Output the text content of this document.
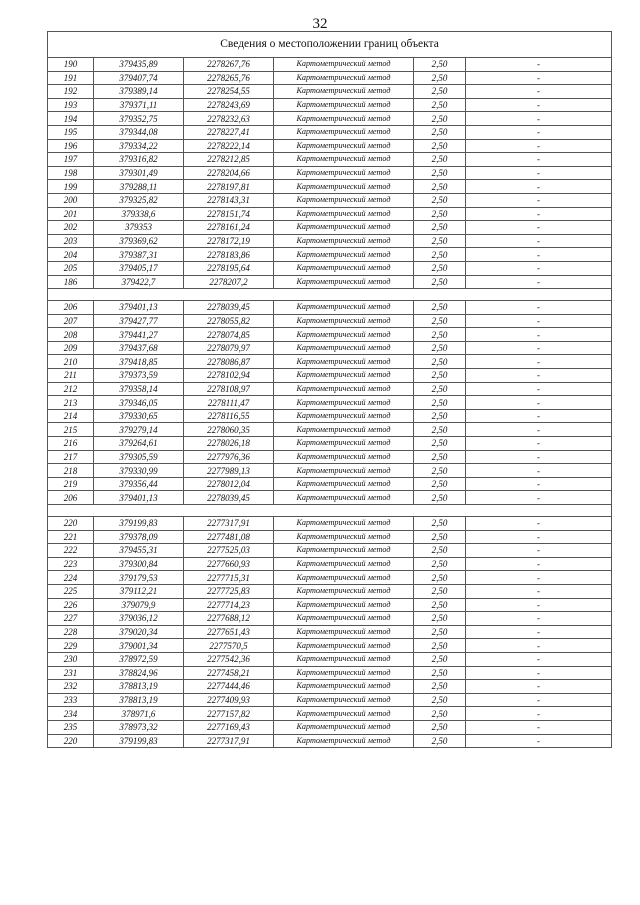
32
Сведения о местоположении границ объекта					
190	379435,89	2278267,76	Картометрический метод	2,50	-
191	379407,74	2278265,76	Картометрический метод	2,50	-
192	379389,14	2278254,55	Картометрический метод	2,50	-
193	379371,11	2278243,69	Картометрический метод	2,50	-
194	379352,75	2278232,63	Картометрический метод	2,50	-
195	379344,08	2278227,41	Картометрический метод	2,50	-
196	379334,22	2278222,14	Картометрический метод	2,50	-
197	379316,82	2278212,85	Картометрический метод	2,50	-
198	379301,49	2278204,66	Картометрический метод	2,50	-
199	379288,11	2278197,81	Картометрический метод	2,50	-
200	379325,82	2278143,31	Картометрический метод	2,50	-
201	379338,6	2278151,74	Картометрический метод	2,50	-
202	379353	2278161,24	Картометрический метод	2,50	-
203	379369,62	2278172,19	Картометрический метод	2,50	-
204	379387,31	2278183,86	Картометрический метод	2,50	-
205	379405,17	2278195,64	Картометрический метод	2,50	-
186	379422,7	2278207,2	Картометрический метод	2,50	-

206	379401,13	2278039,45	Картометрический метод	2,50	-
207	379427,77	2278055,82	Картометрический метод	2,50	-
208	379441,27	2278074,85	Картометрический метод	2,50	-
209	379437,68	2278079,97	Картометрический метод	2,50	-
210	379418,85	2278086,87	Картометрический метод	2,50	-
211	379373,59	2278102,94	Картометрический метод	2,50	-
212	379358,14	2278108,97	Картометрический метод	2,50	-
213	379346,05	2278111,47	Картометрический метод	2,50	-
214	379330,65	2278116,55	Картометрический метод	2,50	-
215	379279,14	2278060,35	Картометрический метод	2,50	-
216	379264,61	2278026,18	Картометрический метод	2,50	-
217	379305,59	2277976,36	Картометрический метод	2,50	-
218	379330,99	2277989,13	Картометрический метод	2,50	-
219	379356,44	2278012,04	Картометрический метод	2,50	-
206	379401,13	2278039,45	Картометрический метод	2,50	-

220	379199,83	2277317,91	Картометрический метод	2,50	-
221	379378,09	2277481,08	Картометрический метод	2,50	-
222	379455,31	2277525,03	Картометрический метод	2,50	-
223	379300,84	2277660,93	Картометрический метод	2,50	-
224	379179,53	2277715,31	Картометрический метод	2,50	-
225	379112,21	2277725,83	Картометрический метод	2,50	-
226	379079,9	2277714,23	Картометрический метод	2,50	-
227	379036,12	2277688,12	Картометрический метод	2,50	-
228	379020,34	2277651,43	Картометрический метод	2,50	-
229	379001,34	2277570,5	Картометрический метод	2,50	-
230	378972,59	2277542,36	Картометрический метод	2,50	-
231	378824,96	2277458,21	Картометрический метод	2,50	-
232	378813,19	2277444,46	Картометрический метод	2,50	-
233	378813,19	2277409,93	Картометрический метод	2,50	-
234	378971,6	2277157,82	Картометрический метод	2,50	-
235	378973,32	2277169,43	Картометрический метод	2,50	-
220	379199,83	2277317,91	Картометрический метод	2,50	-
